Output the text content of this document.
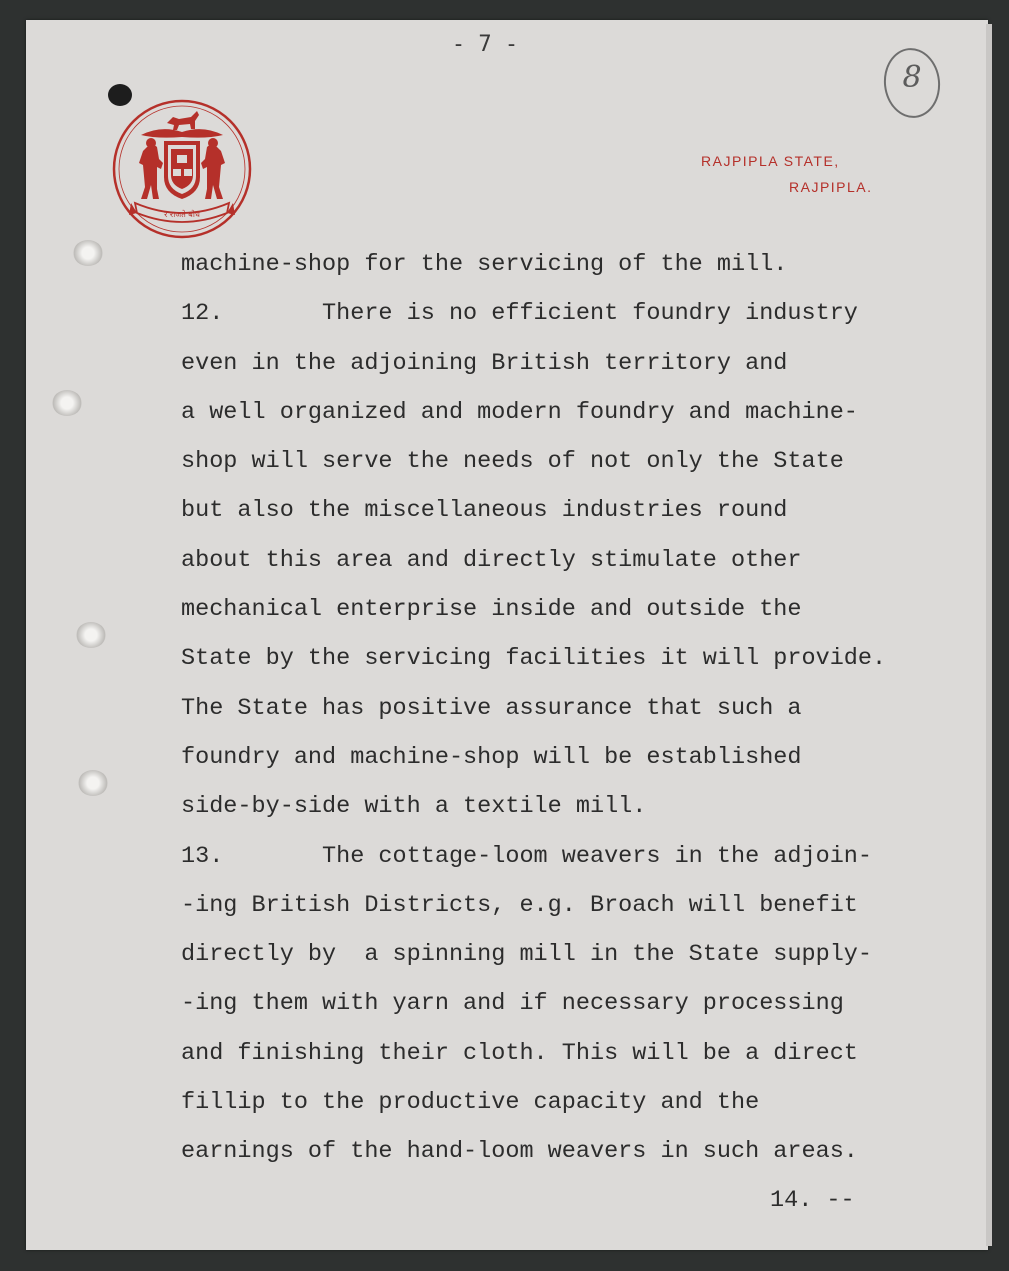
- 7 -
8
र राजते बोध
RAJPIPLA STATE,
RAJPIPLA.
machine-shop for the servicing of the mill.
12.       There is no efficient foundry industry
even in the adjoining British territory and
a well organized and modern foundry and machine-
shop will serve the needs of not only the State
but also the miscellaneous industries round
about this area and directly stimulate other
mechanical enterprise inside and outside the
State by the servicing facilities it will provide.
The State has positive assurance that such a
foundry and machine-shop will be established
side-by-side with a textile mill.
13.       The cottage-loom weavers in the adjoin-
-ing British Districts, e.g. Broach will benefit
directly by  a spinning mill in the State supply-
-ing them with yarn and if necessary processing
and finishing their cloth. This will be a direct
fillip to the productive capacity and the
earnings of the hand-loom weavers in such areas.
14. --
